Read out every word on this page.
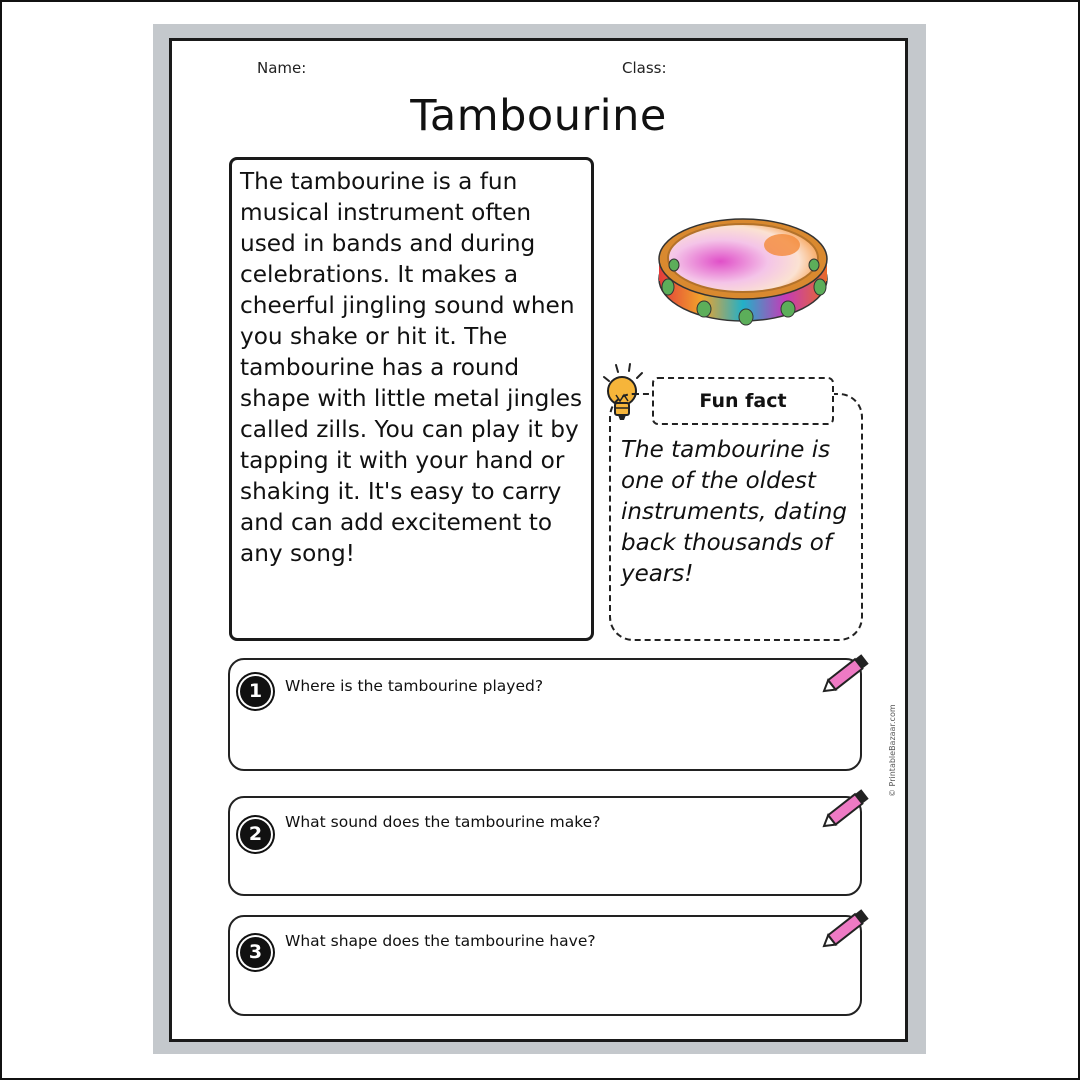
Name:	Class:
Tambourine

The tambourine is a fun musical instrument often used in bands and during celebrations. It makes a cheerful jingling sound when you shake or hit it. The tambourine has a round shape with little metal jingles called zills. You can play it by tapping it with your hand or shaking it. It's easy to carry and can add excitement to any song!

Fun fact

The tambourine is one of the oldest instruments, dating back thousands of years!

1	Where is the tambourine played?
2
What sound does the tambourine make?
3	What shape does the tambourine have?
© PrintableBazaar.com
